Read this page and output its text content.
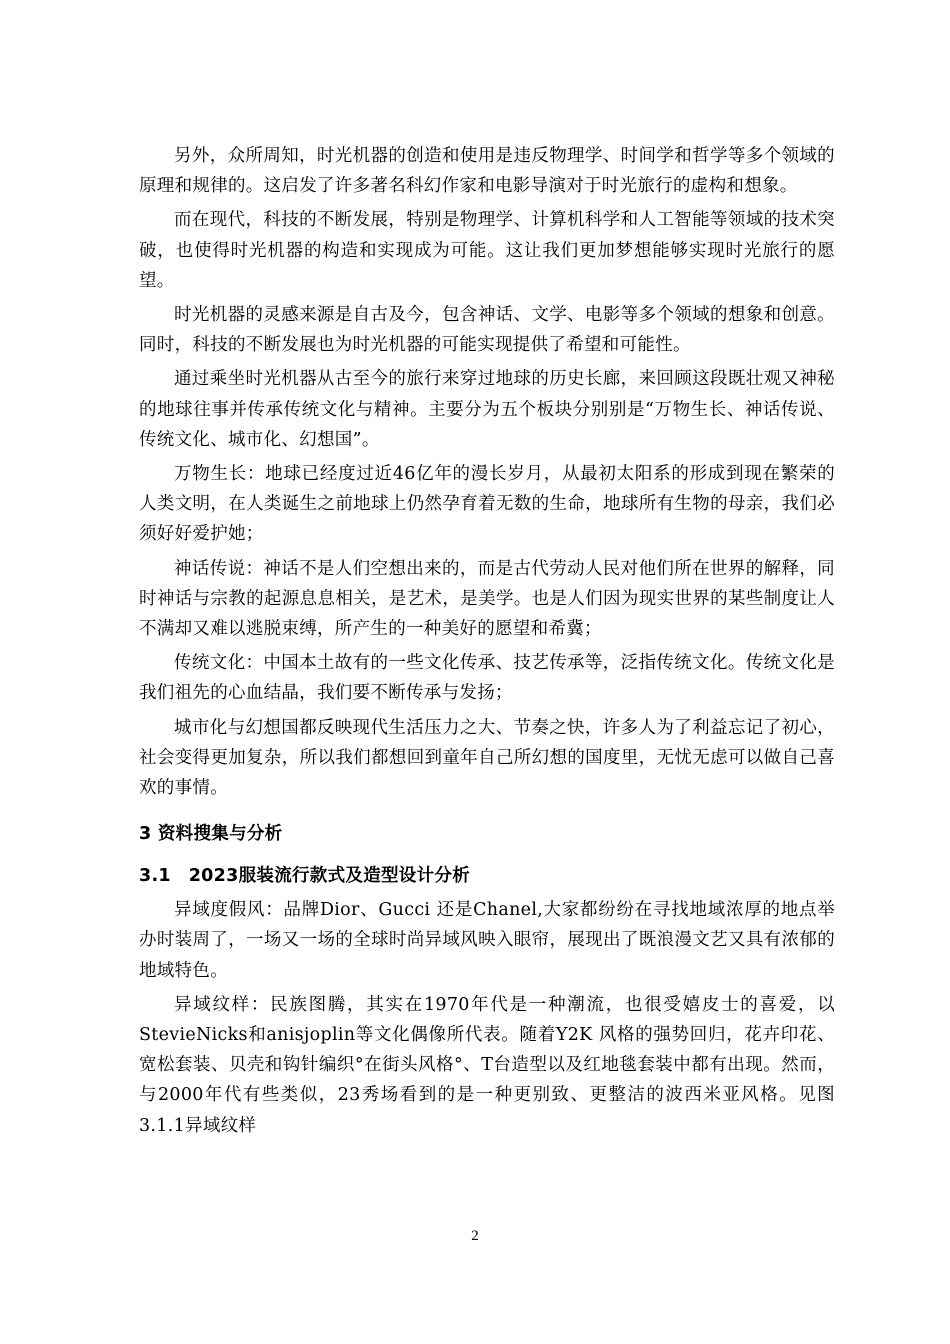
另外，众所周知，时光机器的创造和使用是违反物理学、时间学和哲学等多个领域的原理和规律的。这启发了许多著名科幻作家和电影导演对于时光旅行的虚构和想象。

而在现代，科技的不断发展，特别是物理学、计算机科学和人工智能等领域的技术突破，也使得时光机器的构造和实现成为可能。这让我们更加梦想能够实现时光旅行的愿望。

时光机器的灵感来源是自古及今，包含神话、文学、电影等多个领域的想象和创意。同时，科技的不断发展也为时光机器的可能实现提供了希望和可能性。

通过乘坐时光机器从古至今的旅行来穿过地球的历史长廊，来回顾这段既壮观又神秘的地球往事并传承传统文化与精神。主要分为五个板块分别别是“万物生长、神话传说、传统文化、城市化、幻想国”。

万物生长：地球已经度过近46亿年的漫长岁月，从最初太阳系的形成到现在繁荣的人类文明，在人类诞生之前地球上仍然孕育着无数的生命，地球所有生物的母亲，我们必须好好爱护她；

神话传说：神话不是人们空想出来的，而是古代劳动人民对他们所在世界的解释，同时神话与宗教的起源息息相关，是艺术，是美学。也是人们因为现实世界的某些制度让人不满却又难以逃脱束缚，所产生的一种美好的愿望和希冀；

传统文化：中国本土故有的一些文化传承、技艺传承等，泛指传统文化。传统文化是我们祖先的心血结晶，我们要不断传承与发扬；

城市化与幻想国都反映现代生活压力之大、节奏之快，许多人为了利益忘记了初心，社会变得更加复杂，所以我们都想回到童年自己所幻想的国度里，无忧无虑可以做自己喜欢的事情。

3 资料搜集与分析
3.1　2023服装流行款式及造型设计分析

异域度假风：品牌Dior、Gucci 还是Chanel,大家都纷纷在寻找地域浓厚的地点举办时装周了，一场又一场的全球时尚异域风映入眼帘，展现出了既浪漫文艺又具有浓郁的地域特色。

异域纹样：民族图腾，其实在1970年代是一种潮流，也很受嬉皮士的喜爱，以StevieNicks和anisjoplin等文化偶像所代表。随着Y2K 风格的强势回归，花卉印花、宽松套装、贝壳和钩针编织°在街头风格°、T台造型以及红地毯套装中都有出现。然而，与2000年代有些类似，23秀场看到的是一种更别致、更整洁的波西米亚风格。见图3.1.1异域纹样

2
